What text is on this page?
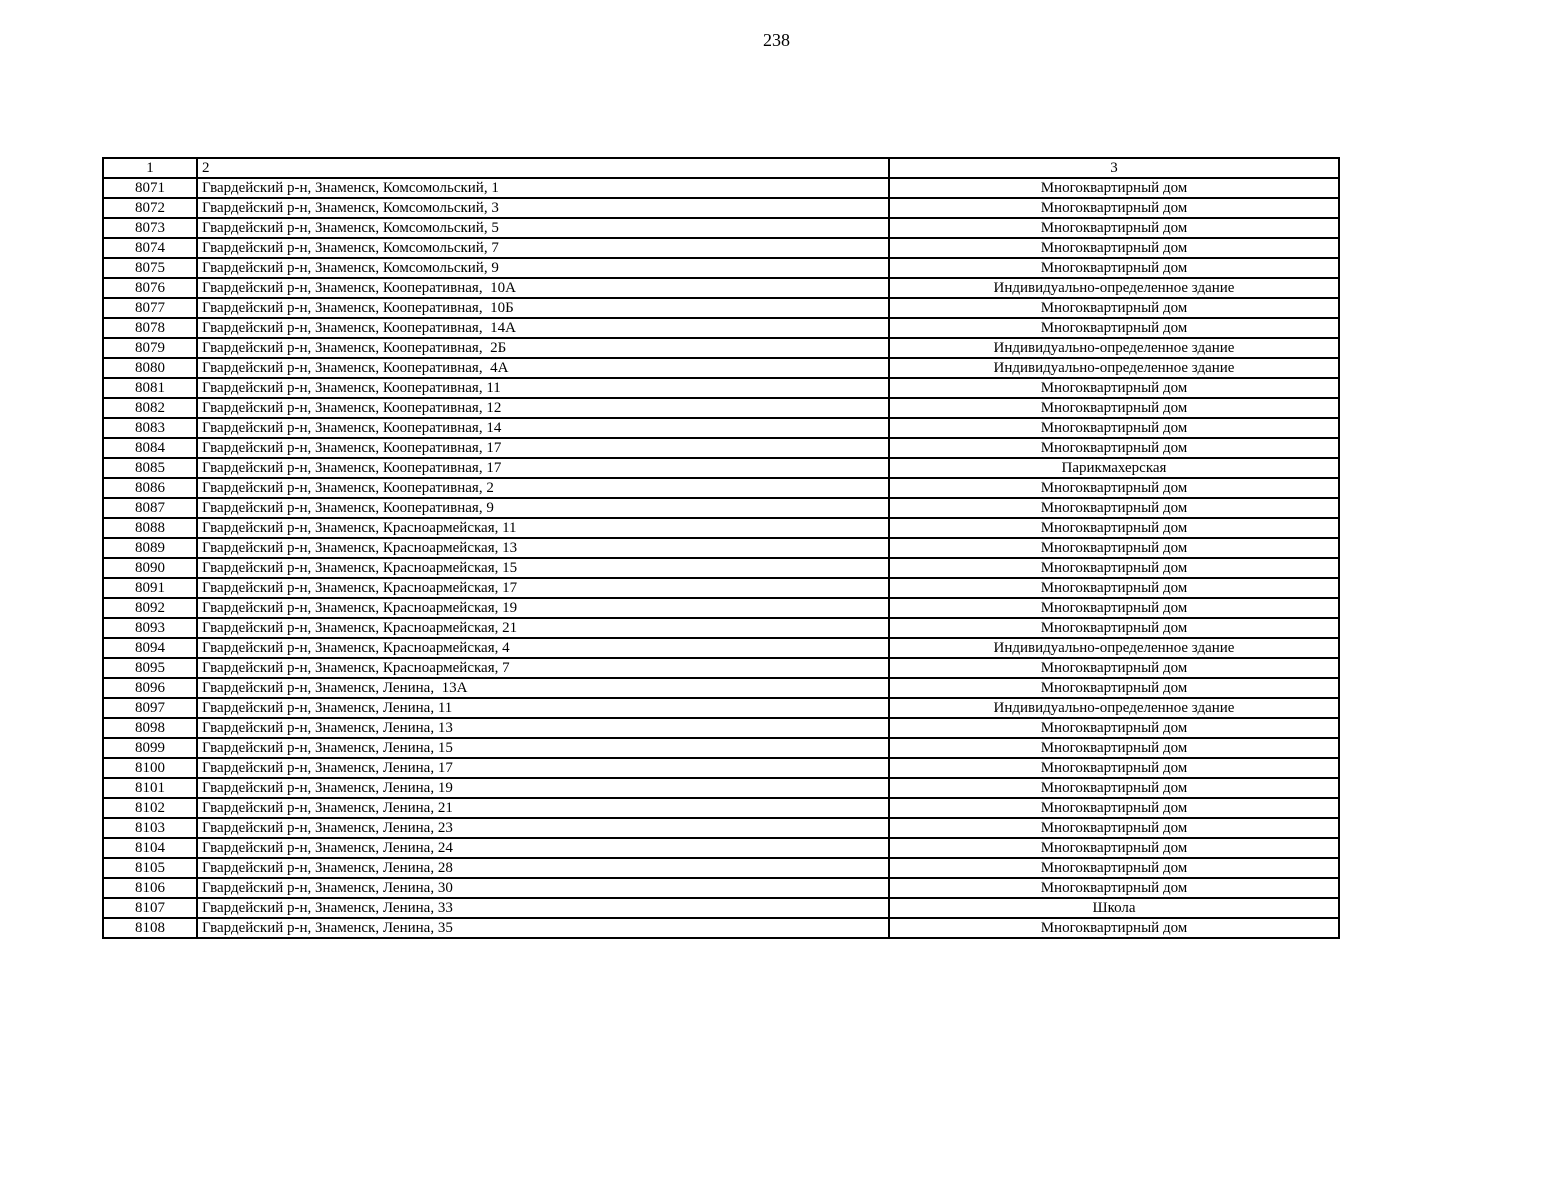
238
1	2	3
8071	Гвардейский р-н, Знаменск, Комсомольский, 1	Многоквартирный дом
8072	Гвардейский р-н, Знаменск, Комсомольский, 3	Многоквартирный дом
8073	Гвардейский р-н, Знаменск, Комсомольский, 5	Многоквартирный дом
8074	Гвардейский р-н, Знаменск, Комсомольский, 7	Многоквартирный дом
8075	Гвардейский р-н, Знаменск, Комсомольский, 9	Многоквартирный дом
8076	Гвардейский р-н, Знаменск, Кооперативная,  10А	Индивидуально-определенное здание
8077	Гвардейский р-н, Знаменск, Кооперативная,  10Б	Многоквартирный дом
8078	Гвардейский р-н, Знаменск, Кооперативная,  14А	Многоквартирный дом
8079	Гвардейский р-н, Знаменск, Кооперативная,  2Б	Индивидуально-определенное здание
8080	Гвардейский р-н, Знаменск, Кооперативная,  4А	Индивидуально-определенное здание
8081	Гвардейский р-н, Знаменск, Кооперативная, 11	Многоквартирный дом
8082	Гвардейский р-н, Знаменск, Кооперативная, 12	Многоквартирный дом
8083	Гвардейский р-н, Знаменск, Кооперативная, 14	Многоквартирный дом
8084	Гвардейский р-н, Знаменск, Кооперативная, 17	Многоквартирный дом
8085	Гвардейский р-н, Знаменск, Кооперативная, 17	Парикмахерская
8086	Гвардейский р-н, Знаменск, Кооперативная, 2	Многоквартирный дом
8087	Гвардейский р-н, Знаменск, Кооперативная, 9	Многоквартирный дом
8088	Гвардейский р-н, Знаменск, Красноармейская, 11	Многоквартирный дом
8089	Гвардейский р-н, Знаменск, Красноармейская, 13	Многоквартирный дом
8090	Гвардейский р-н, Знаменск, Красноармейская, 15	Многоквартирный дом
8091	Гвардейский р-н, Знаменск, Красноармейская, 17	Многоквартирный дом
8092	Гвардейский р-н, Знаменск, Красноармейская, 19	Многоквартирный дом
8093	Гвардейский р-н, Знаменск, Красноармейская, 21	Многоквартирный дом
8094	Гвардейский р-н, Знаменск, Красноармейская, 4	Индивидуально-определенное здание
8095	Гвардейский р-н, Знаменск, Красноармейская, 7	Многоквартирный дом
8096	Гвардейский р-н, Знаменск, Ленина,  13А	Многоквартирный дом
8097	Гвардейский р-н, Знаменск, Ленина, 11	Индивидуально-определенное здание
8098	Гвардейский р-н, Знаменск, Ленина, 13	Многоквартирный дом
8099	Гвардейский р-н, Знаменск, Ленина, 15	Многоквартирный дом
8100	Гвардейский р-н, Знаменск, Ленина, 17	Многоквартирный дом
8101	Гвардейский р-н, Знаменск, Ленина, 19	Многоквартирный дом
8102	Гвардейский р-н, Знаменск, Ленина, 21	Многоквартирный дом
8103	Гвардейский р-н, Знаменск, Ленина, 23	Многоквартирный дом
8104	Гвардейский р-н, Знаменск, Ленина, 24	Многоквартирный дом
8105	Гвардейский р-н, Знаменск, Ленина, 28	Многоквартирный дом
8106	Гвардейский р-н, Знаменск, Ленина, 30	Многоквартирный дом
8107	Гвардейский р-н, Знаменск, Ленина, 33	Школа
8108	Гвардейский р-н, Знаменск, Ленина, 35	Многоквартирный дом
